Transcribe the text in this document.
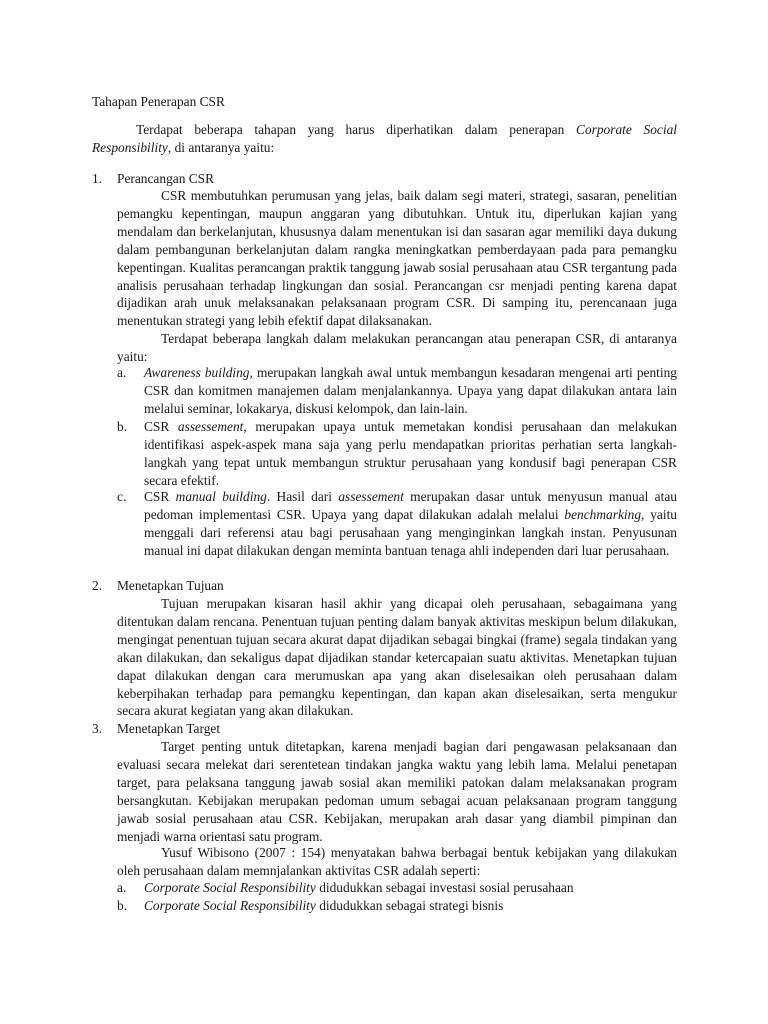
Tahapan Penerapan CSR

Terdapat beberapa tahapan yang harus diperhatikan dalam penerapan Corporate Social Responsibility, di antaranya yaitu:

1. Perancangan CSR

CSR membutuhkan perumusan yang jelas, baik dalam segi materi, strategi, sasaran, penelitian pemangku kepentingan, maupun anggaran yang dibutuhkan. Untuk itu, diperlukan kajian yang mendalam dan berkelanjutan, khususnya dalam menentukan isi dan sasaran agar memiliki daya dukung dalam pembangunan berkelanjutan dalam rangka meningkatkan pemberdayaan pada para pemangku kepentingan. Kualitas perancangan praktik tanggung jawab sosial perusahaan atau CSR tergantung pada analisis perusahaan terhadap lingkungan dan sosial. Perancangan csr menjadi penting karena dapat dijadikan arah unuk melaksanakan pelaksanaan program CSR. Di samping itu, perencanaan juga menentukan strategi yang lebih efektif dapat dilaksanakan.

Terdapat beberapa langkah dalam melakukan perancangan atau penerapan CSR, di antaranya yaitu:

a. Awareness building, merupakan langkah awal untuk membangun kesadaran mengenai arti penting CSR dan komitmen manajemen dalam menjalankannya. Upaya yang dapat dilakukan antara lain melalui seminar, lokakarya, diskusi kelompok, dan lain-lain.
b. CSR assessement, merupakan upaya untuk memetakan kondisi perusahaan dan melakukan identifikasi aspek-aspek mana saja yang perlu mendapatkan prioritas perhatian serta langkah-langkah yang tepat untuk membangun struktur perusahaan yang kondusif bagi penerapan CSR secara efektif.
c. CSR manual building. Hasil dari assessement merupakan dasar untuk menyusun manual atau pedoman implementasi CSR. Upaya yang dapat dilakukan adalah melalui benchmarking, yaitu menggali dari referensi atau bagi perusahaan yang menginginkan langkah instan. Penyusunan manual ini dapat dilakukan dengan meminta bantuan tenaga ahli independen dari luar perusahaan.
2. Menetapkan Tujuan

Tujuan merupakan kisaran hasil akhir yang dicapai oleh perusahaan, sebagaimana yang ditentukan dalam rencana. Penentuan tujuan penting dalam banyak aktivitas meskipun belum dilakukan, mengingat penentuan tujuan secara akurat dapat dijadikan sebagai bingkai (frame) segala tindakan yang akan dilakukan, dan sekaligus dapat dijadikan standar ketercapaian suatu aktivitas. Menetapkan tujuan dapat dilakukan dengan cara merumuskan apa yang akan diselesaikan oleh perusahaan dalam keberpihakan terhadap para pemangku kepentingan, dan kapan akan diselesaikan, serta mengukur secara akurat kegiatan yang akan dilakukan.

3. Menetapkan Target

Target penting untuk ditetapkan, karena menjadi bagian dari pengawasan pelaksanaan dan evaluasi secara melekat dari serentetean tindakan jangka waktu yang lebih lama. Melalui penetapan target, para pelaksana tanggung jawab sosial akan memiliki patokan dalam melaksanakan program bersangkutan. Kebijakan merupakan pedoman umum sebagai acuan pelaksanaan program tanggung jawab sosial perusahaan atau CSR. Kebijakan, merupakan arah dasar yang diambil pimpinan dan menjadi warna orientasi satu program.

Yusuf Wibisono (2007 : 154) menyatakan bahwa berbagai bentuk kebijakan yang dilakukan oleh perusahaan dalam memnjalankan aktivitas CSR adalah seperti:

a. Corporate Social Responsibility didudukkan sebagai investasi sosial perusahaan
b. Corporate Social Responsibility didudukkan sebagai strategi bisnis
